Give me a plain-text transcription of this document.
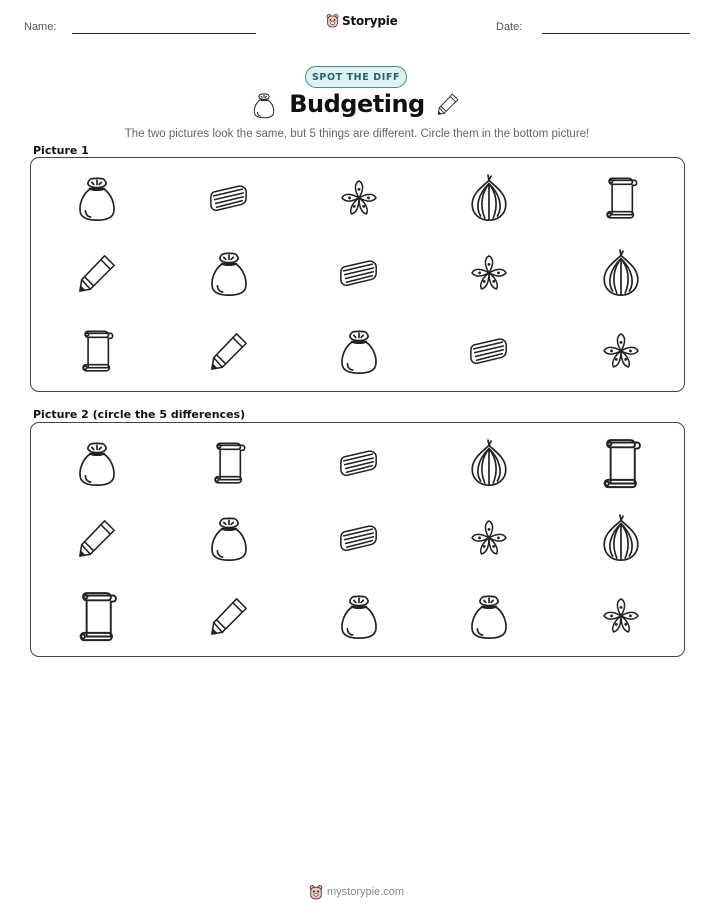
Name:	Storypie	Date:
SPOT THE DIFF
Budgeting
The two pictures look the same, but 5 things are different. Circle them in the bottom picture!
Picture 1
Picture 2 (circle the 5 differences)
mystorypie.com
